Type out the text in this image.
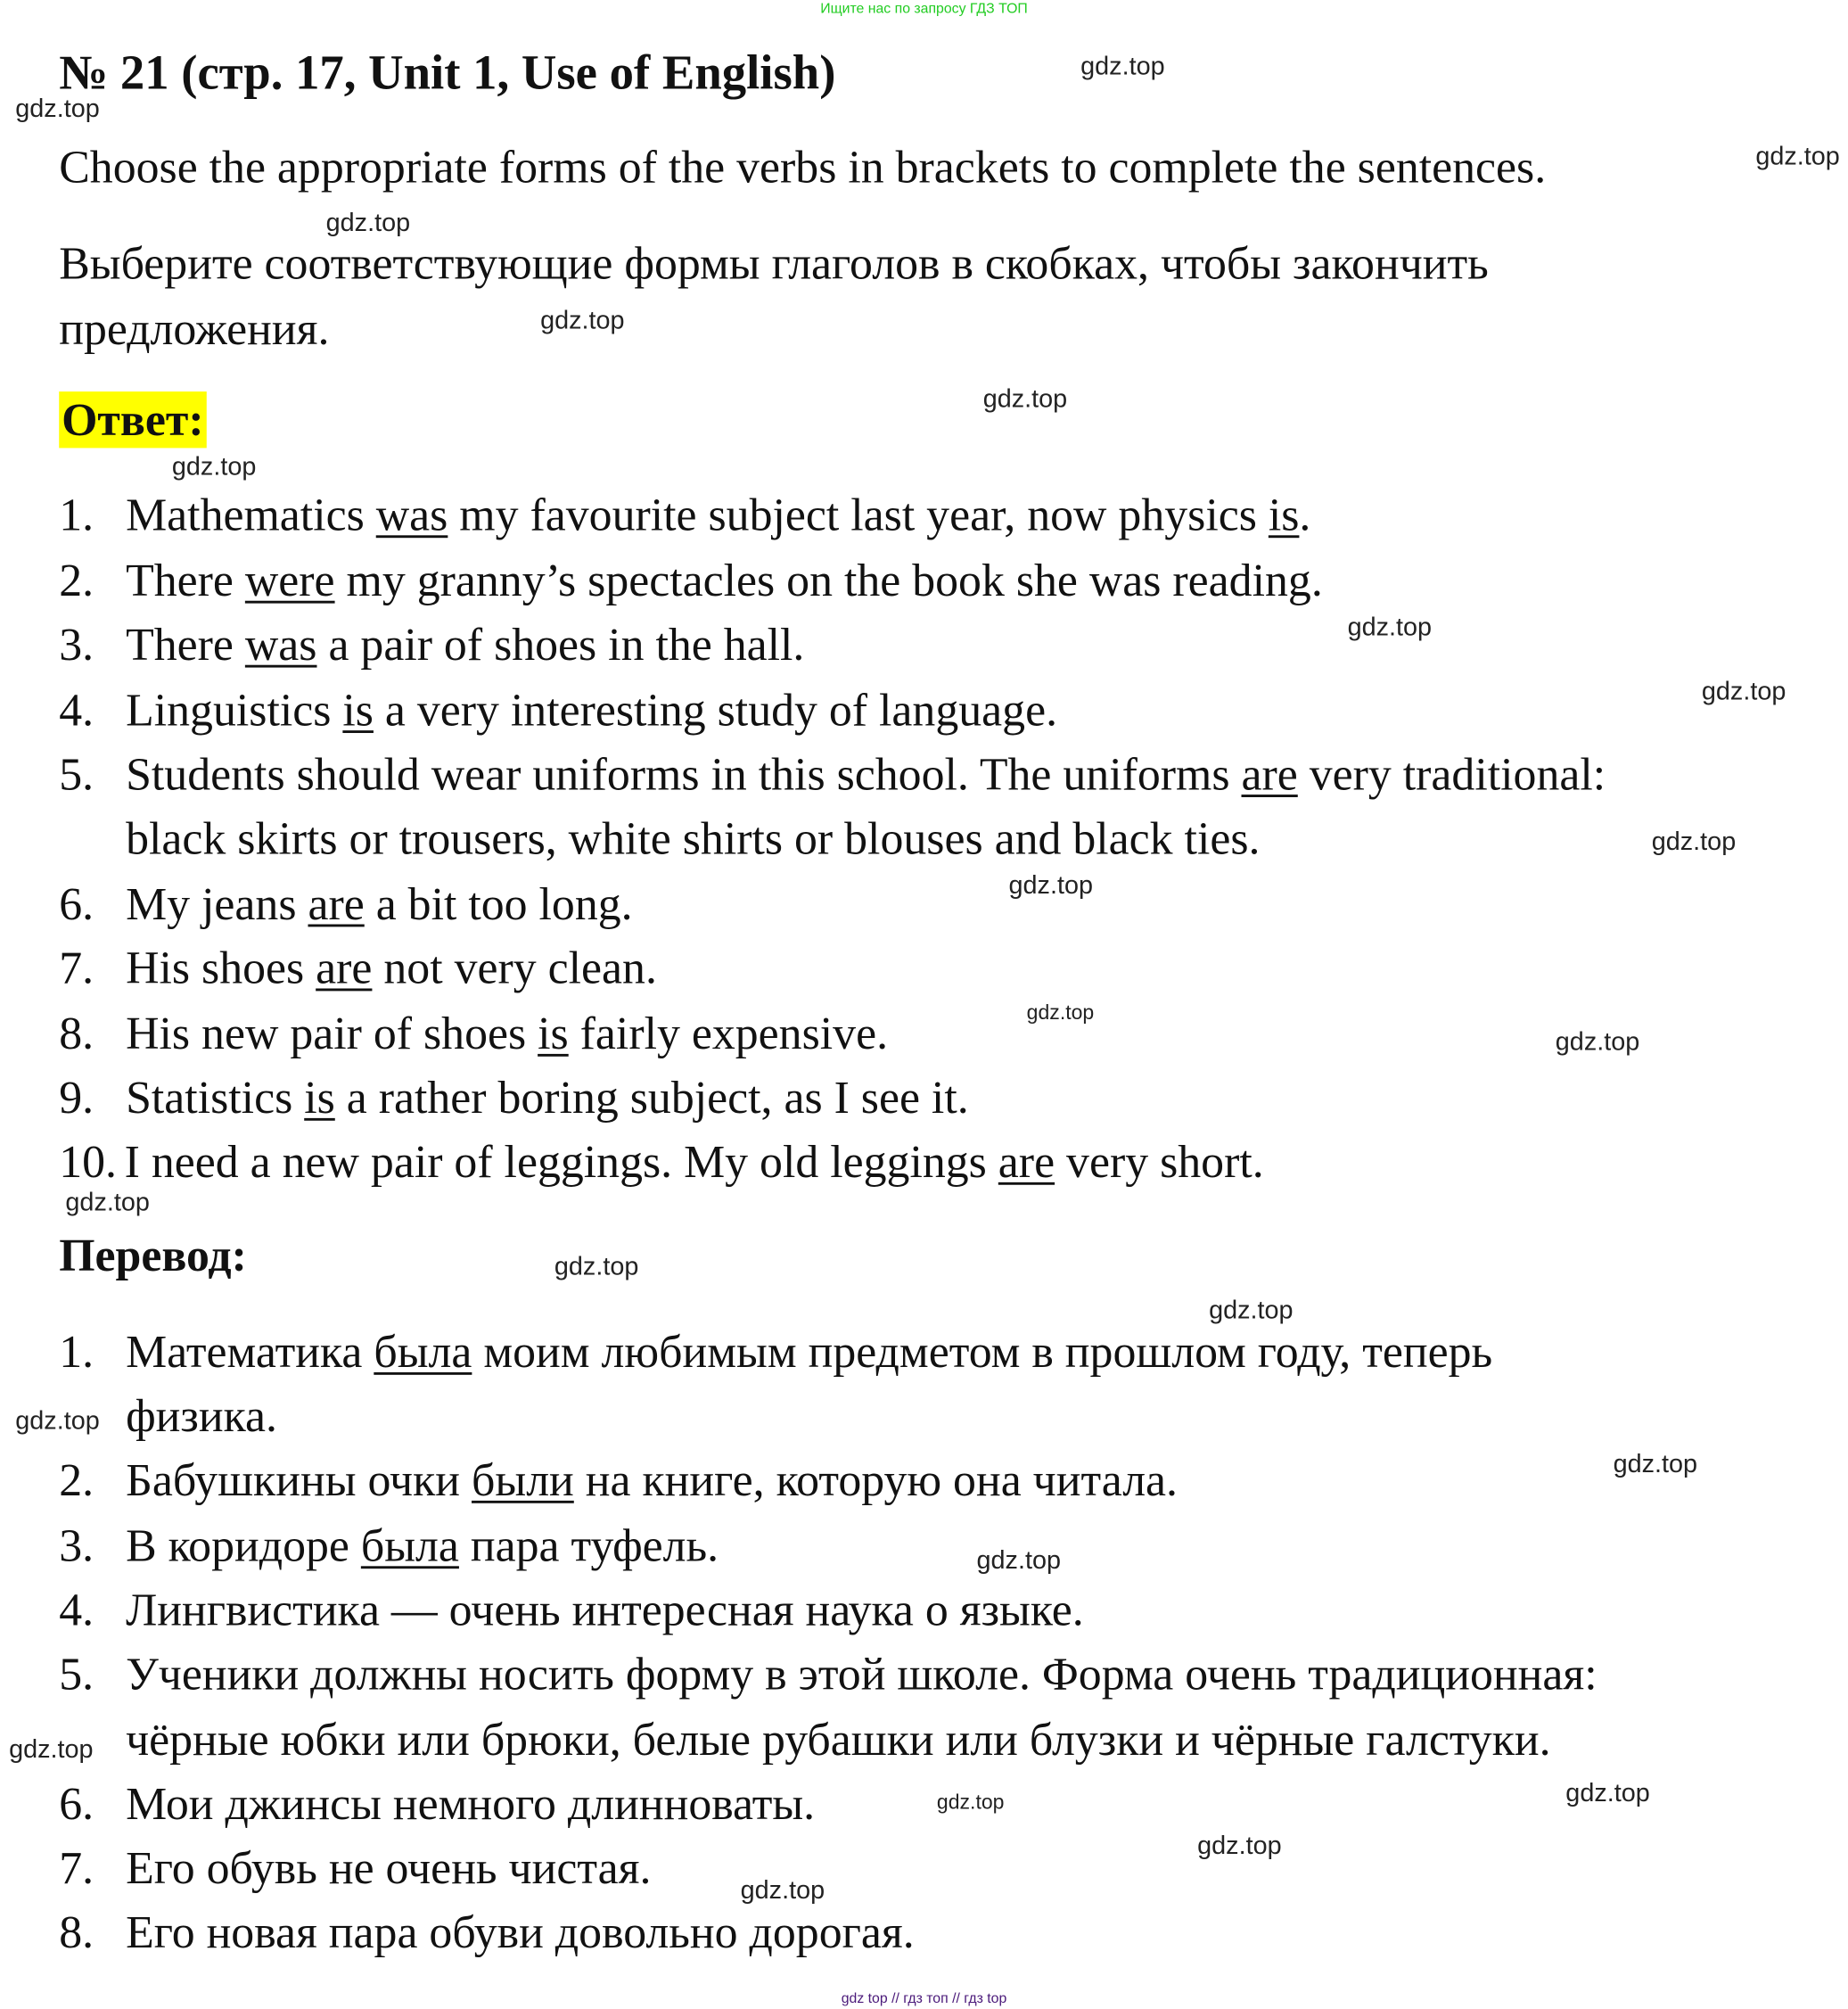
Ищите нас по запросу ГДЗ ТОП
№ 21 (стр. 17, Unit 1, Use of English)
Choose the appropriate forms of the verbs in brackets to complete the sentences.
Выберите соответствующие формы глаголов в скобках, чтобы закончить
предложения.
Ответ:
1. Mathematics was my favourite subject last year, now physics is.
2. There were my granny’s spectacles on the book she was reading.
3. There was a pair of shoes in the hall.
4. Linguistics is a very interesting study of language.
5. Students should wear uniforms in this school. The uniforms are very traditional:
black skirts or trousers, white shirts or blouses and black ties.
6. My jeans are a bit too long.
7. His shoes are not very clean.
8. His new pair of shoes is fairly expensive.
9. Statistics is a rather boring subject, as I see it.
10. I need a new pair of leggings. My old leggings are very short.
Перевод:
1. Математика была моим любимым предметом в прошлом году, теперь
физика.
2. Бабушкины очки были на книге, которую она читала.
3. В коридоре была пара туфель.
4. Лингвистика — очень интересная наука о языке.
5. Ученики должны носить форму в этой школе. Форма очень традиционная:
чёрные юбки или брюки, белые рубашки или блузки и чёрные галстуки.
6. Мои джинсы немного длинноваты.
7. Его обувь не очень чистая.
8. Его новая пара обуви довольно дорогая.
gdz.top
gdz.top
gdz.top
gdz.top
gdz.top
gdz.top
gdz.top
gdz.top
gdz.top
gdz.top
gdz.top
gdz.top
gdz.top
gdz.top
gdz.top
gdz.top
gdz.top
gdz.top
gdz.top
gdz.top
gdz.top
gdz.top
gdz.top
gdz.top
gdz top // гдз топ // гдз top
